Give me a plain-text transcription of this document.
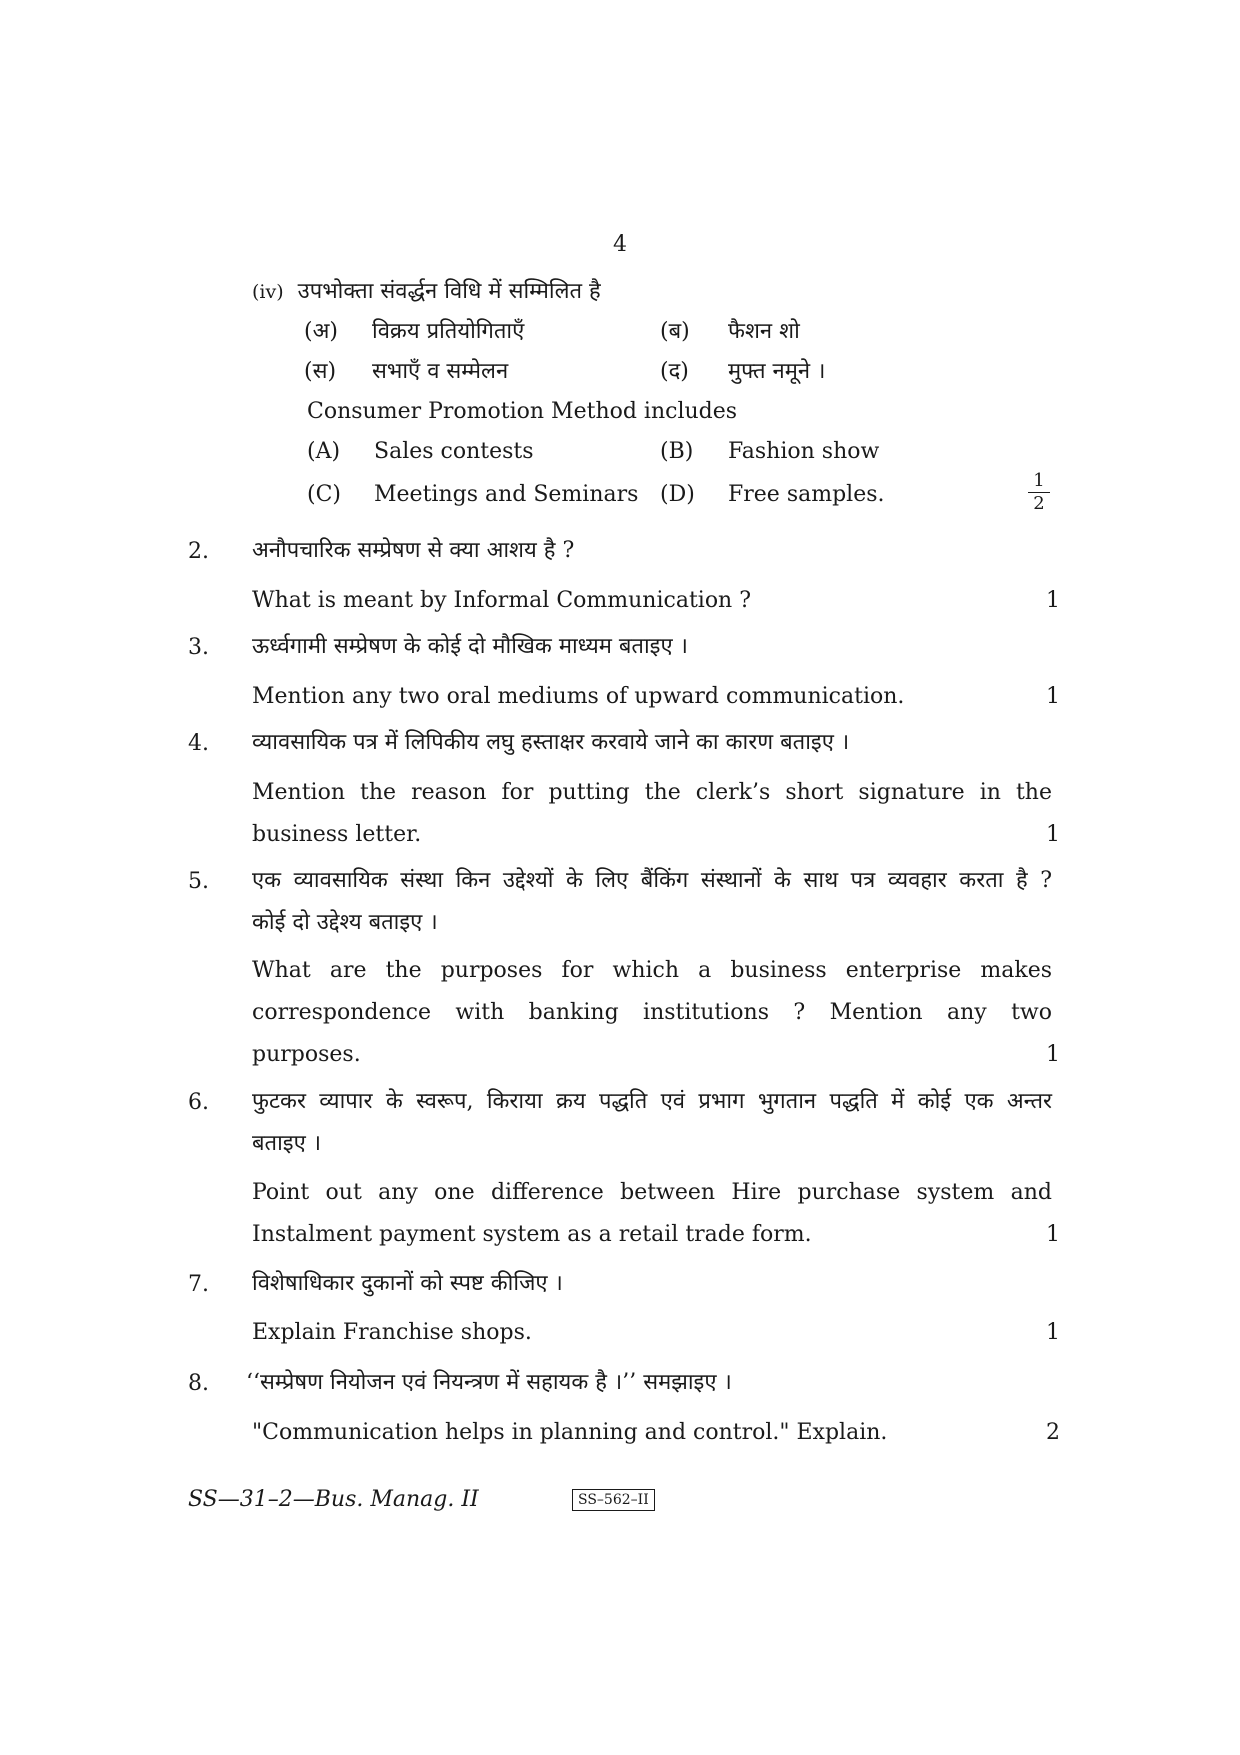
4
(iv) उपभोक्ता संवर्द्धन विधि में सम्मिलित है
(अ) विक्रय प्रतियोगिताएँ	(ब) फैशन शो
(स) सभाएँ व सम्मेलन	(द) मुफ्त नमूने ।
Consumer Promotion Method includes
(A) Sales contests	(B) Fashion show
(C) Meetings and Seminars (D) Free samples.
1
2
2.	अनौपचारिक सम्प्रेषण से क्या आशय है ?
What is meant by Informal Communication ?	1
3.	ऊर्ध्वगामी सम्प्रेषण के कोई दो मौखिक माध्यम बताइए ।
Mention any two oral mediums of upward communication.	1
4.	व्यावसायिक पत्र में लिपिकीय लघु हस्ताक्षर करवाये जाने का कारण बताइए ।
Mention the reason for putting the clerk’s short signature in the
business letter.	1
5.	एक व्यावसायिक संस्था किन उद्देश्यों के लिए बैंकिंग संस्थानों के साथ पत्र व्यवहार करता है ?
कोई दो उद्देश्य बताइए ।
What are the purposes for which a business enterprise makes
correspondence with banking institutions ? Mention any two
purposes.	1
6.	फुटकर व्यापार के स्वरूप, किराया क्रय पद्धति एवं प्रभाग भुगतान पद्धति में कोई एक अन्तर
बताइए ।
Point out any one difference between Hire purchase system and
Instalment payment system as a retail trade form.	1
7.	विशेषाधिकार दुकानों को स्पष्ट कीजिए ।
Explain Franchise shops.	1
8.	‘‘सम्प्रेषण नियोजन एवं नियन्त्रण में सहायक है ।’’ समझाइए ।
"Communication helps in planning and control." Explain.	2
SS—31–2—Bus. Manag. II	SS–562–II
